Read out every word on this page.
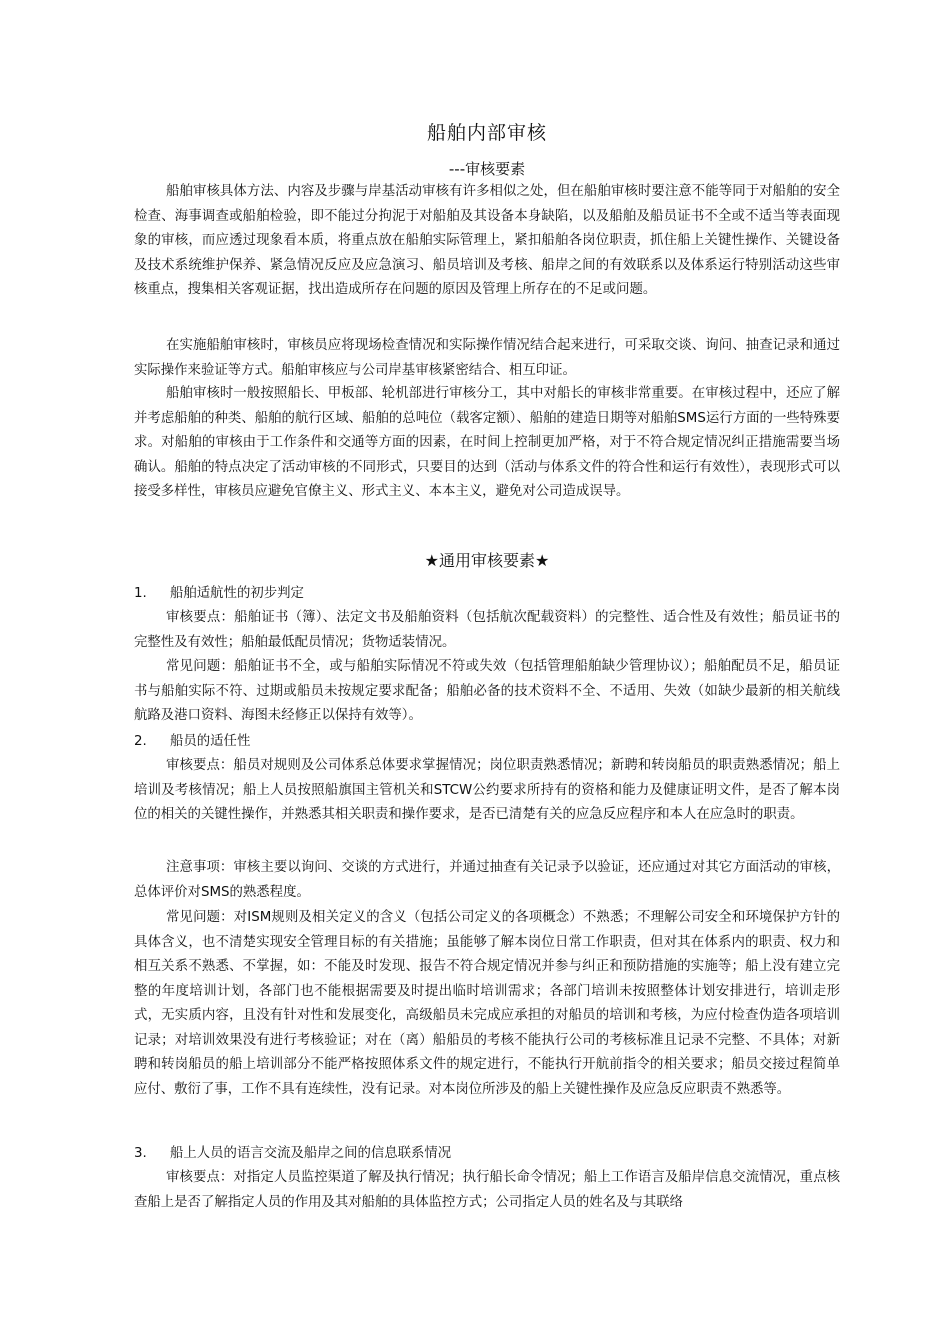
船舶内部审核
---审核要素

船舶审核具体方法、内容及步骤与岸基活动审核有许多相似之处，但在船舶审核时要注意不能等同于对船舶的安全检查、海事调查或船舶检验，即不能过分拘泥于对船舶及其设备本身缺陷，以及船舶及船员证书不全或不适当等表面现象的审核，而应透过现象看本质，将重点放在船舶实际管理上，紧扣船舶各岗位职责，抓住船上关键性操作、关键设备及技术系统维护保养、紧急情况反应及应急演习、船员培训及考核、船岸之间的有效联系以及体系运行特别活动这些审核重点，搜集相关客观证据，找出造成所存在问题的原因及管理上所存在的不足或问题。

在实施船舶审核时，审核员应将现场检查情况和实际操作情况结合起来进行，可采取交谈、询问、抽查记录和通过实际操作来验证等方式。船舶审核应与公司岸基审核紧密结合、相互印证。

船舶审核时一般按照船长、甲板部、轮机部进行审核分工，其中对船长的审核非常重要。在审核过程中，还应了解并考虑船舶的种类、船舶的航行区域、船舶的总吨位（载客定额）、船舶的建造日期等对船舶SMS运行方面的一些特殊要求。对船舶的审核由于工作条件和交通等方面的因素，在时间上控制更加严格，对于不符合规定情况纠正措施需要当场确认。船舶的特点决定了活动审核的不同形式，只要目的达到（活动与体系文件的符合性和运行有效性），表现形式可以接受多样性，审核员应避免官僚主义、形式主义、本本主义，避免对公司造成误导。

★通用审核要素★
1. 船舶适航性的初步判定

审核要点：船舶证书（簿）、法定文书及船舶资料（包括航次配载资料）的完整性、适合性及有效性；船员证书的完整性及有效性；船舶最低配员情况；货物适装情况。

常见问题：船舶证书不全，或与船舶实际情况不符或失效（包括管理船舶缺少管理协议）；船舶配员不足，船员证书与船舶实际不符、过期或船员未按规定要求配备；船舶必备的技术资料不全、不适用、失效（如缺少最新的相关航线航路及港口资料、海图未经修正以保持有效等）。

2. 船员的适任性

审核要点：船员对规则及公司体系总体要求掌握情况；岗位职责熟悉情况；新聘和转岗船员的职责熟悉情况；船上培训及考核情况；船上人员按照船旗国主管机关和STCW公约要求所持有的资格和能力及健康证明文件，是否了解本岗位的相关的关键性操作，并熟悉其相关职责和操作要求，是否已清楚有关的应急反应程序和本人在应急时的职责。

注意事项：审核主要以询问、交谈的方式进行，并通过抽查有关记录予以验证，还应通过对其它方面活动的审核，总体评价对SMS的熟悉程度。

常见问题：对ISM规则及相关定义的含义（包括公司定义的各项概念）不熟悉；不理解公司安全和环境保护方针的具体含义，也不清楚实现安全管理目标的有关措施；虽能够了解本岗位日常工作职责，但对其在体系内的职责、权力和相互关系不熟悉、不掌握，如：不能及时发现、报告不符合规定情况并参与纠正和预防措施的实施等；船上没有建立完整的年度培训计划，各部门也不能根据需要及时提出临时培训需求；各部门培训未按照整体计划安排进行，培训走形式，无实质内容，且没有针对性和发展变化，高级船员未完成应承担的对船员的培训和考核，为应付检查伪造各项培训记录；对培训效果没有进行考核验证；对在（离）船船员的考核不能执行公司的考核标准且记录不完整、不具体；对新聘和转岗船员的船上培训部分不能严格按照体系文件的规定进行，不能执行开航前指令的相关要求；船员交接过程简单应付、敷衍了事，工作不具有连续性，没有记录。对本岗位所涉及的船上关键性操作及应急反应职责不熟悉等。

3. 船上人员的语言交流及船岸之间的信息联系情况

审核要点：对指定人员监控渠道了解及执行情况；执行船长命令情况；船上工作语言及船岸信息交流情况，重点核查船上是否了解指定人员的作用及其对船舶的具体监控方式；公司指定人员的姓名及与其联络
